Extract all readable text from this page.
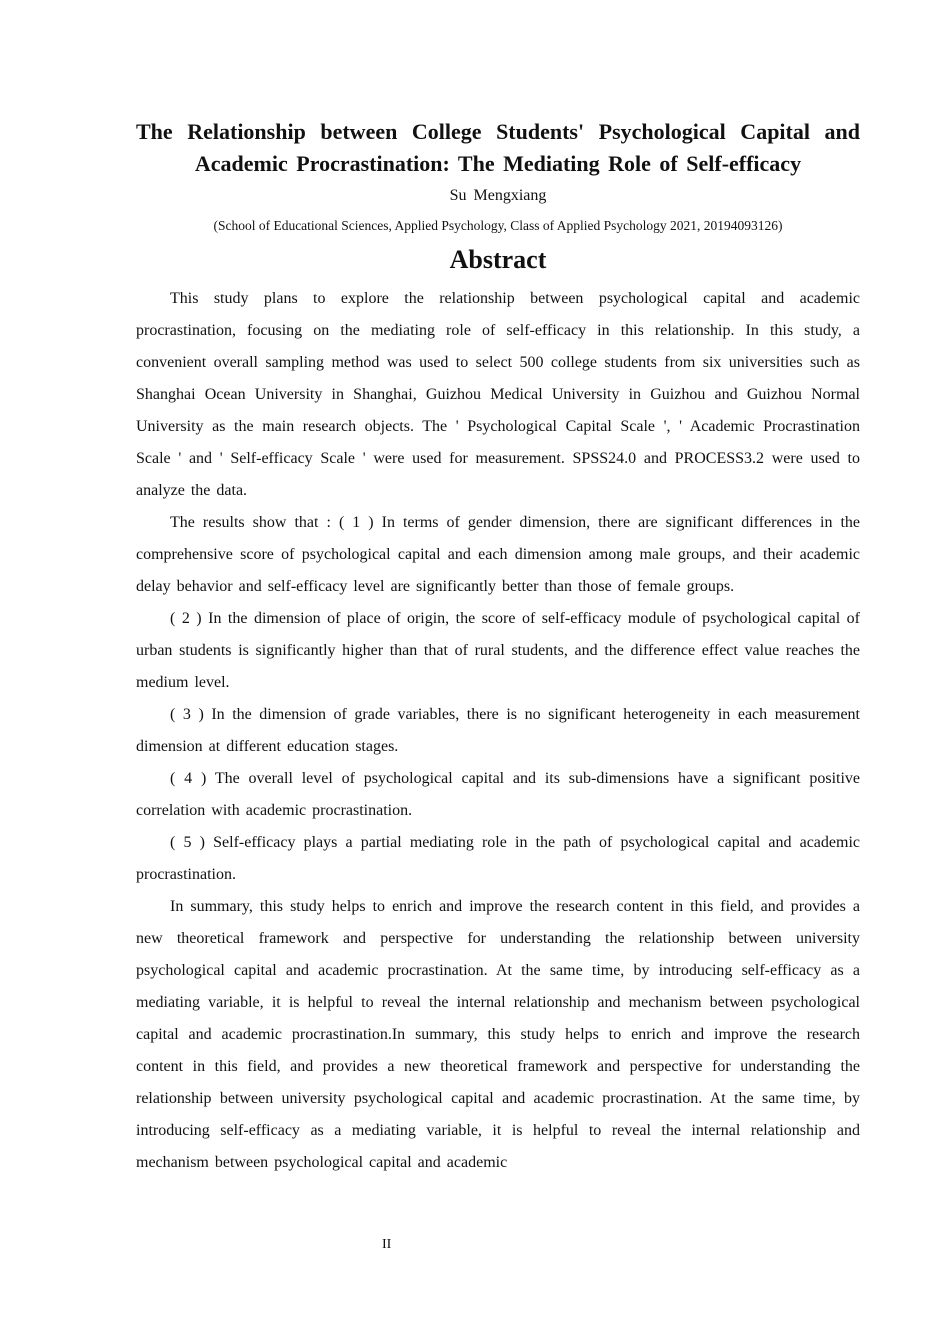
The Relationship between College Students' Psychological Capital and
Academic Procrastination: The Mediating Role of Self-efficacy
Su Mengxiang
(School of Educational Sciences, Applied Psychology, Class of Applied Psychology 2021, 20194093126)
Abstract

This study plans to explore the relationship between psychological capital and academic procrastination, focusing on the mediating role of self-efficacy in this relationship. In this study, a convenient overall sampling method was used to select 500 college students from six universities such as Shanghai Ocean University in Shanghai, Guizhou Medical University in Guizhou and Guizhou Normal University as the main research objects. The ' Psychological Capital Scale ', ' Academic Procrastination Scale ' and ' Self-efficacy Scale ' were used for measurement. SPSS24.0 and PROCESS3.2 were used to analyze the data.

The results show that : ( 1 ) In terms of gender dimension, there are significant differences in the comprehensive score of psychological capital and each dimension among male groups, and their academic delay behavior and self-efficacy level are significantly better than those of female groups.

( 2 ) In the dimension of place of origin, the score of self-efficacy module of psychological capital of urban students is significantly higher than that of rural students, and the difference effect value reaches the medium level.

( 3 ) In the dimension of grade variables, there is no significant heterogeneity in each measurement dimension at different education stages.

( 4 ) The overall level of psychological capital and its sub-dimensions have a significant positive correlation with academic procrastination.

( 5 ) Self-efficacy plays a partial mediating role in the path of psychological capital and academic procrastination.

In summary, this study helps to enrich and improve the research content in this field, and provides a new theoretical framework and perspective for understanding the relationship between university psychological capital and academic procrastination. At the same time, by introducing self-efficacy as a mediating variable, it is helpful to reveal the internal relationship and mechanism between psychological capital and academic procrastination.In summary, this study helps to enrich and improve the research content in this field, and provides a new theoretical framework and perspective for understanding the relationship between university psychological capital and academic procrastination. At the same time, by introducing self-efficacy as a mediating variable, it is helpful to reveal the internal relationship and mechanism between psychological capital and academic

II
